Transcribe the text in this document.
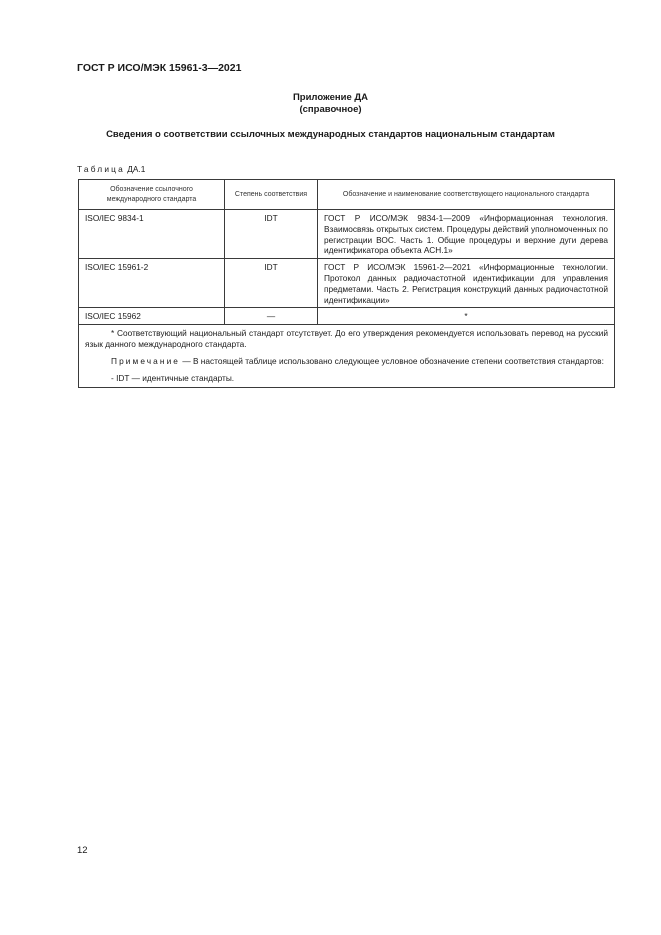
ГОСТ Р ИСО/МЭК 15961-3—2021
Приложение ДА
(справочное)
Сведения о соответствии ссылочных международных стандартов национальным стандартам
Таблица ДА.1
Обозначение ссылочного международного стандарта	Степень соответствия	Обозначение и наименование соответствующего национального стандарта
ISO/IEC 9834-1	IDT	ГОСТ Р ИСО/МЭК 9834-1—2009 «Информационная технология. Взаимосвязь открытых систем. Процедуры действий уполномоченных по регистрации ВОС. Часть 1. Общие процедуры и верхние дуги дерева идентификатора объекта АСН.1»
ISO/IEC 15961-2	IDT	ГОСТ Р ИСО/МЭК 15961-2—2021 «Информационные технологии. Протокол данных радиочастотной идентификации для управления предметами. Часть 2. Регистрация конструкций данных радиочастотной идентификации»
ISO/IEC 15962	—	*

* Соответствующий национальный стандарт отсутствует. До его утверждения рекомендуется использовать перевод на русский язык данного международного стандарта.

Примечание — В настоящей таблице использовано следующее условное обозначение степени соответствия стандартов:

- IDT — идентичные стандарты.		
12
